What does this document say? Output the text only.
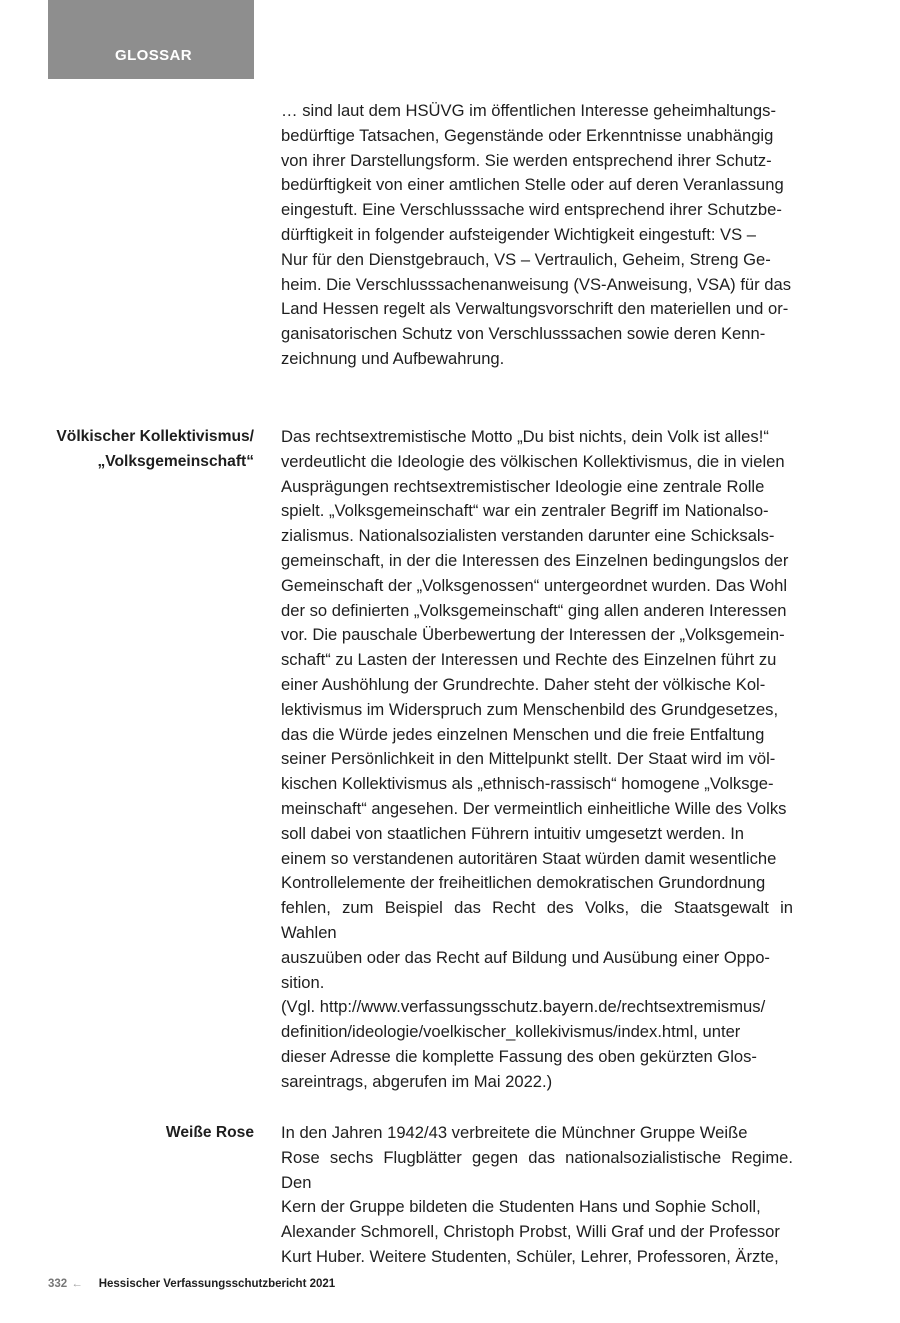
GLOSSAR

… sind laut dem HSÜVG im öffentlichen Interesse geheimhaltungs-
bedürftige Tatsachen, Gegenstände oder Erkenntnisse unabhängig
von ihrer Darstellungsform. Sie werden entsprechend ihrer Schutz-
bedürftigkeit von einer amtlichen Stelle oder auf deren Veranlassung
eingestuft. Eine Verschlusssache wird entsprechend ihrer Schutzbe-
dürftigkeit in folgender aufsteigender Wichtigkeit eingestuft: VS –
Nur für den Dienstgebrauch, VS – Vertraulich, Geheim, Streng Ge-
heim. Die Verschlusssachenanweisung (VS-Anweisung, VSA) für das
Land Hessen regelt als Verwaltungsvorschrift den materiellen und or-
ganisatorischen Schutz von Verschlusssachen sowie deren Kenn-
zeichnung und Aufbewahrung.

Völkischer Kollektivismus/
„Volksgemeinschaft“

Das rechtsextremistische Motto „Du bist nichts, dein Volk ist alles!“
verdeutlicht die Ideologie des völkischen Kollektivismus, die in vielen
Ausprägungen rechtsextremistischer Ideologie eine zentrale Rolle
spielt. „Volksgemeinschaft“ war ein zentraler Begriff im Nationalso-
zialismus. Nationalsozialisten verstanden darunter eine Schicksals-
gemeinschaft, in der die Interessen des Einzelnen bedingungslos der
Gemeinschaft der „Volksgenossen“ untergeordnet wurden. Das Wohl
der so definierten „Volksgemeinschaft“ ging allen anderen Interessen
vor. Die pauschale Überbewertung der Interessen der „Volksgemein-
schaft“ zu Lasten der Interessen und Rechte des Einzelnen führt zu
einer Aushöhlung der Grundrechte. Daher steht der völkische Kol-
lektivismus im Widerspruch zum Menschenbild des Grundgesetzes,
das die Würde jedes einzelnen Menschen und die freie Entfaltung
seiner Persönlichkeit in den Mittelpunkt stellt. Der Staat wird im völ-
kischen Kollektivismus als „ethnisch-rassisch“ homogene „Volksge-
meinschaft“ angesehen. Der vermeintlich einheitliche Wille des Volks
soll dabei von staatlichen Führern intuitiv umgesetzt werden. In
einem so verstandenen autoritären Staat würden damit wesentliche
Kontrollelemente der freiheitlichen demokratischen Grundordnung
fehlen, zum Beispiel das Recht des Volks, die Staatsgewalt in Wahlen
auszuüben oder das Recht auf Bildung und Ausübung einer Oppo-
sition.
(Vgl. http://www.verfassungsschutz.bayern.de/rechtsextremismus/
definition/ideologie/voelkischer_kollekivismus/index.html, unter
dieser Adresse die komplette Fassung des oben gekürzten Glos-
sareintrags, abgerufen im Mai 2022.)

Weiße Rose In den Jahren 1942/43 verbreitete die Münchner Gruppe Weiße
Rose sechs Flugblätter gegen das nationalsozialistische Regime. Den
Kern der Gruppe bildeten die Studenten Hans und Sophie Scholl,
Alexander Schmorell, Christoph Probst, Willi Graf und der Professor
Kurt Huber. Weitere Studenten, Schüler, Lehrer, Professoren, Ärzte,

332 ← Hessischer Verfassungsschutzbericht 2021
